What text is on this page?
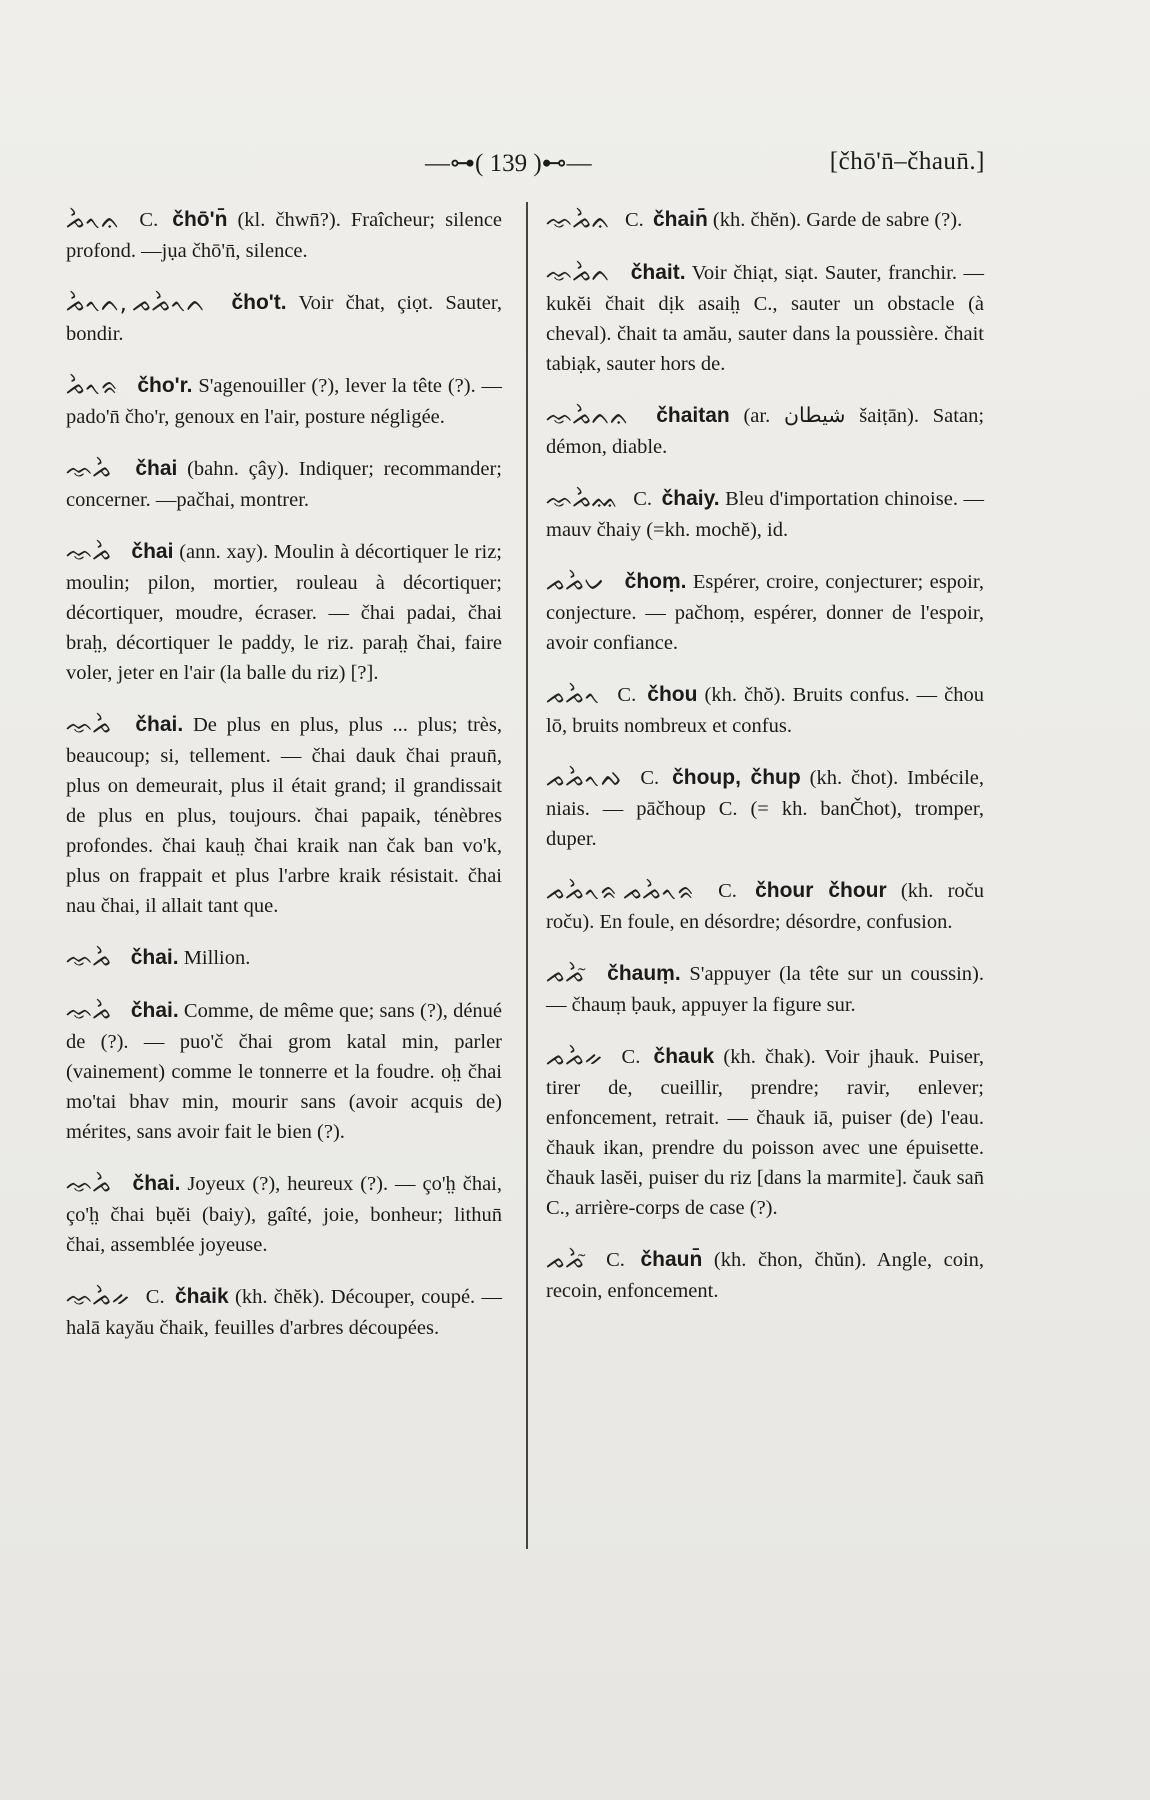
––⊶( 139 )⊷––	[čhō'n̄–čhaun̄.]
ᨍᨛᨚᨊ C. čhō'n̄ (kl. čhwn̄?). Fraîcheur; silence profond. —jụa čhō'n̄, silence.
ᨍᨛᨚᨈ, ᨍᨍᨛᨚᨈ čho't. Voir čhat, çiọt. Sauter, bondir.
ᨍᨛᨚᨑ čho'r. S'agenouiller (?), lever la tête (?). — pado'n̄ čho'r, genoux en l'air, posture négligée.
ᨎᨍᨛ čhai (bahn. çây). Indiquer; recommander; concerner. —pačhai, montrer.
ᨎᨍᨛ čhai (ann. xay). Moulin à décortiquer le riz; moulin; pilon, mortier, rouleau à décortiquer; décortiquer, moudre, écraser. — čhai padai, čhai brah̤, décortiquer le paddy, le riz. parah̤ čhai, faire voler, jeter en l'air (la balle du riz) [?].
ᨎᨍᨛ čhai. De plus en plus, plus ... plus; très, beaucoup; si, tellement. — čhai dauk čhai praun̄, plus on demeurait, plus il était grand; il grandissait de plus en plus, toujours. čhai papaik, ténèbres profondes. čhai kauh̤ čhai kraik nan čak ban vo'k, plus on frappait et plus l'arbre kraik résistait. čhai nau čhai, il allait tant que.
ᨎᨍᨛ čhai. Million.
ᨎᨍᨛ čhai. Comme, de même que; sans (?), dénué de (?). — puo'č čhai grom katal min, parler (vainement) comme le tonnerre et la foudre. oh̤ čhai mo'tai bhav min, mourir sans (avoir acquis de) mérites, sans avoir fait le bien (?).
ᨎᨍᨛ čhai. Joyeux (?), heureux (?). — ço'h̤ čhai, ço'h̤ čhai bụĕi (baiy), gaîté, joie, bonheur; lithun̄ čhai, assemblée joyeuse.
ᨎᨍᨛᨀ C. čhaik (kh. čhĕk). Découper, coupé. — halā kayău čhaik, feuilles d'arbres découpées.
ᨎᨍᨛᨊ C. čhain̄ (kh. čhĕn). Garde de sabre (?).
ᨎᨍᨛᨈ čhait. Voir čhiạt, siạt. Sauter, franchir. — kukĕi čhait dịk asaih̤ C., sauter un obstacle (à cheval). čhait ta amău, sauter dans la poussière. čhait tabiạk, sauter hors de.
ᨎᨍᨛᨈᨊ čhaitan (ar. شيطان šaiṭān). Satan; démon, diable.
ᨎᨍᨛᨐ C. čhaiy. Bleu d'importation chinoise. — mauv čhaiy (=kh. mochĕ), id.
ᨍᨍᨛᨆ čhoṃ. Espérer, croire, conjecturer; espoir, conjecture. — pačhoṃ, espérer, donner de l'espoir, avoir confiance.
ᨍᨍᨛᨚ C. čhou (kh. čhŏ). Bruits confus. — čhou lō, bruits nombreux et confus.
ᨍᨍᨛᨚᨄ C. čhoup, čhup (kh. čhot). Imbécile, niais. — pāčhoup C. (= kh. banČhot), tromper, duper.
ᨍᨍᨛᨚᨑ ᨍᨍᨛᨚᨑ C. čhour čhour (kh. roču roču). En foule, en désordre; désordre, confusion.
ᨍᨍᨛ̃ čhauṃ. S'appuyer (la tête sur un coussin). — čhauṃ ḅauk, appuyer la figure sur.
ᨍᨍᨛᨀ C. čhauk (kh. čhak). Voir jhauk. Puiser, tirer de, cueillir, prendre; ravir, enlever; enfoncement, retrait. — čhauk iā, puiser (de) l'eau. čhauk ikan, prendre du poisson avec une épuisette. čhauk lasĕi, puiser du riz [dans la marmite]. čauk san̄ C., arrière-corps de case (?).
ᨍᨍᨛ̃ C. čhaun̄ (kh. čhon, čhŭn). Angle, coin, recoin, enfoncement.
